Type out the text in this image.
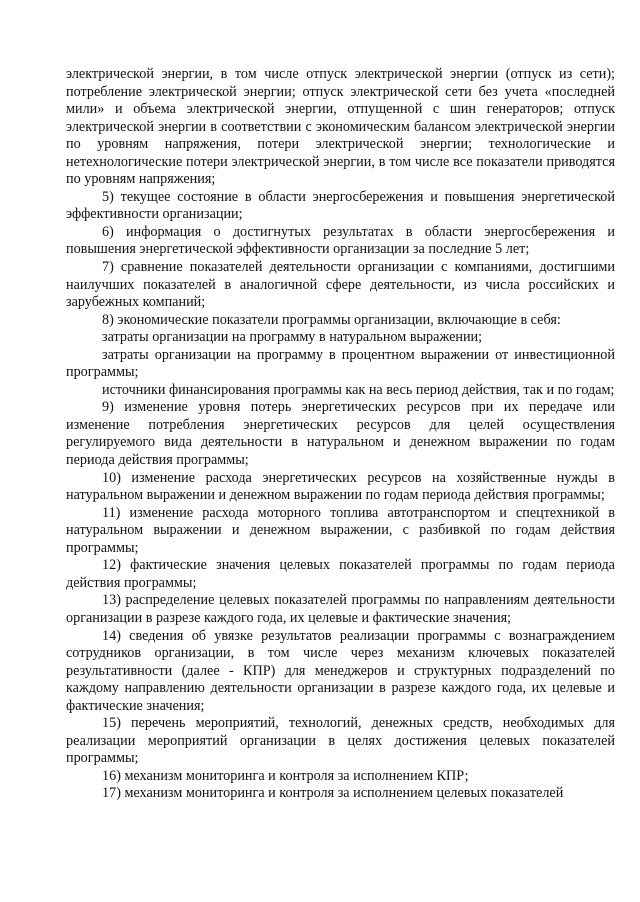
электрической энергии, в том числе отпуск электрической энергии (отпуск из сети); потребление электрической энергии; отпуск электрической сети без учета «последней мили» и объема электрической энергии, отпущенной с шин генераторов; отпуск электрической энергии в соответствии с экономическим балансом электрической энергии по уровням напряжения, потери электрической энергии; технологические и нетехнологические потери электрической энергии, в том числе все показатели приводятся по уровням напряжения;

5) текущее состояние в области энергосбережения и повышения энергетической эффективности организации;

6) информация о достигнутых результатах в области энергосбережения и повышения энергетической эффективности организации за последние 5 лет;

7) сравнение показателей деятельности организации с компаниями, достигшими наилучших показателей в аналогичной сфере деятельности, из числа российских и зарубежных компаний;

8) экономические показатели программы организации, включающие в себя:

затраты организации на программу в натуральном выражении;

затраты организации на программу в процентном выражении от инвестиционной программы;

источники финансирования программы как на весь период действия, так и по годам;

9) изменение уровня потерь энергетических ресурсов при их передаче или изменение потребления энергетических ресурсов для целей осуществления регулируемого вида деятельности в натуральном и денежном выражении по годам периода действия программы;

10) изменение расхода энергетических ресурсов на хозяйственные нужды в натуральном выражении и денежном выражении по годам периода действия программы;

11) изменение расхода моторного топлива автотранспортом и спецтехникой в натуральном выражении и денежном выражении, с разбивкой по годам действия программы;

12) фактические значения целевых показателей программы по годам периода действия программы;

13) распределение целевых показателей программы по направлениям деятельности организации в разрезе каждого года, их целевые и фактические значения;

14) сведения об увязке результатов реализации программы с вознаграждением сотрудников организации, в том числе через механизм ключевых показателей результативности (далее - КПР) для менеджеров и структурных подразделений по каждому направлению деятельности организации в разрезе каждого года, их целевые и фактические значения;

15) перечень мероприятий, технологий, денежных средств, необходимых для реализации мероприятий организации в целях достижения целевых показателей программы;

16) механизм мониторинга и контроля за исполнением КПР;

17) механизм мониторинга и контроля за исполнением целевых показателей
